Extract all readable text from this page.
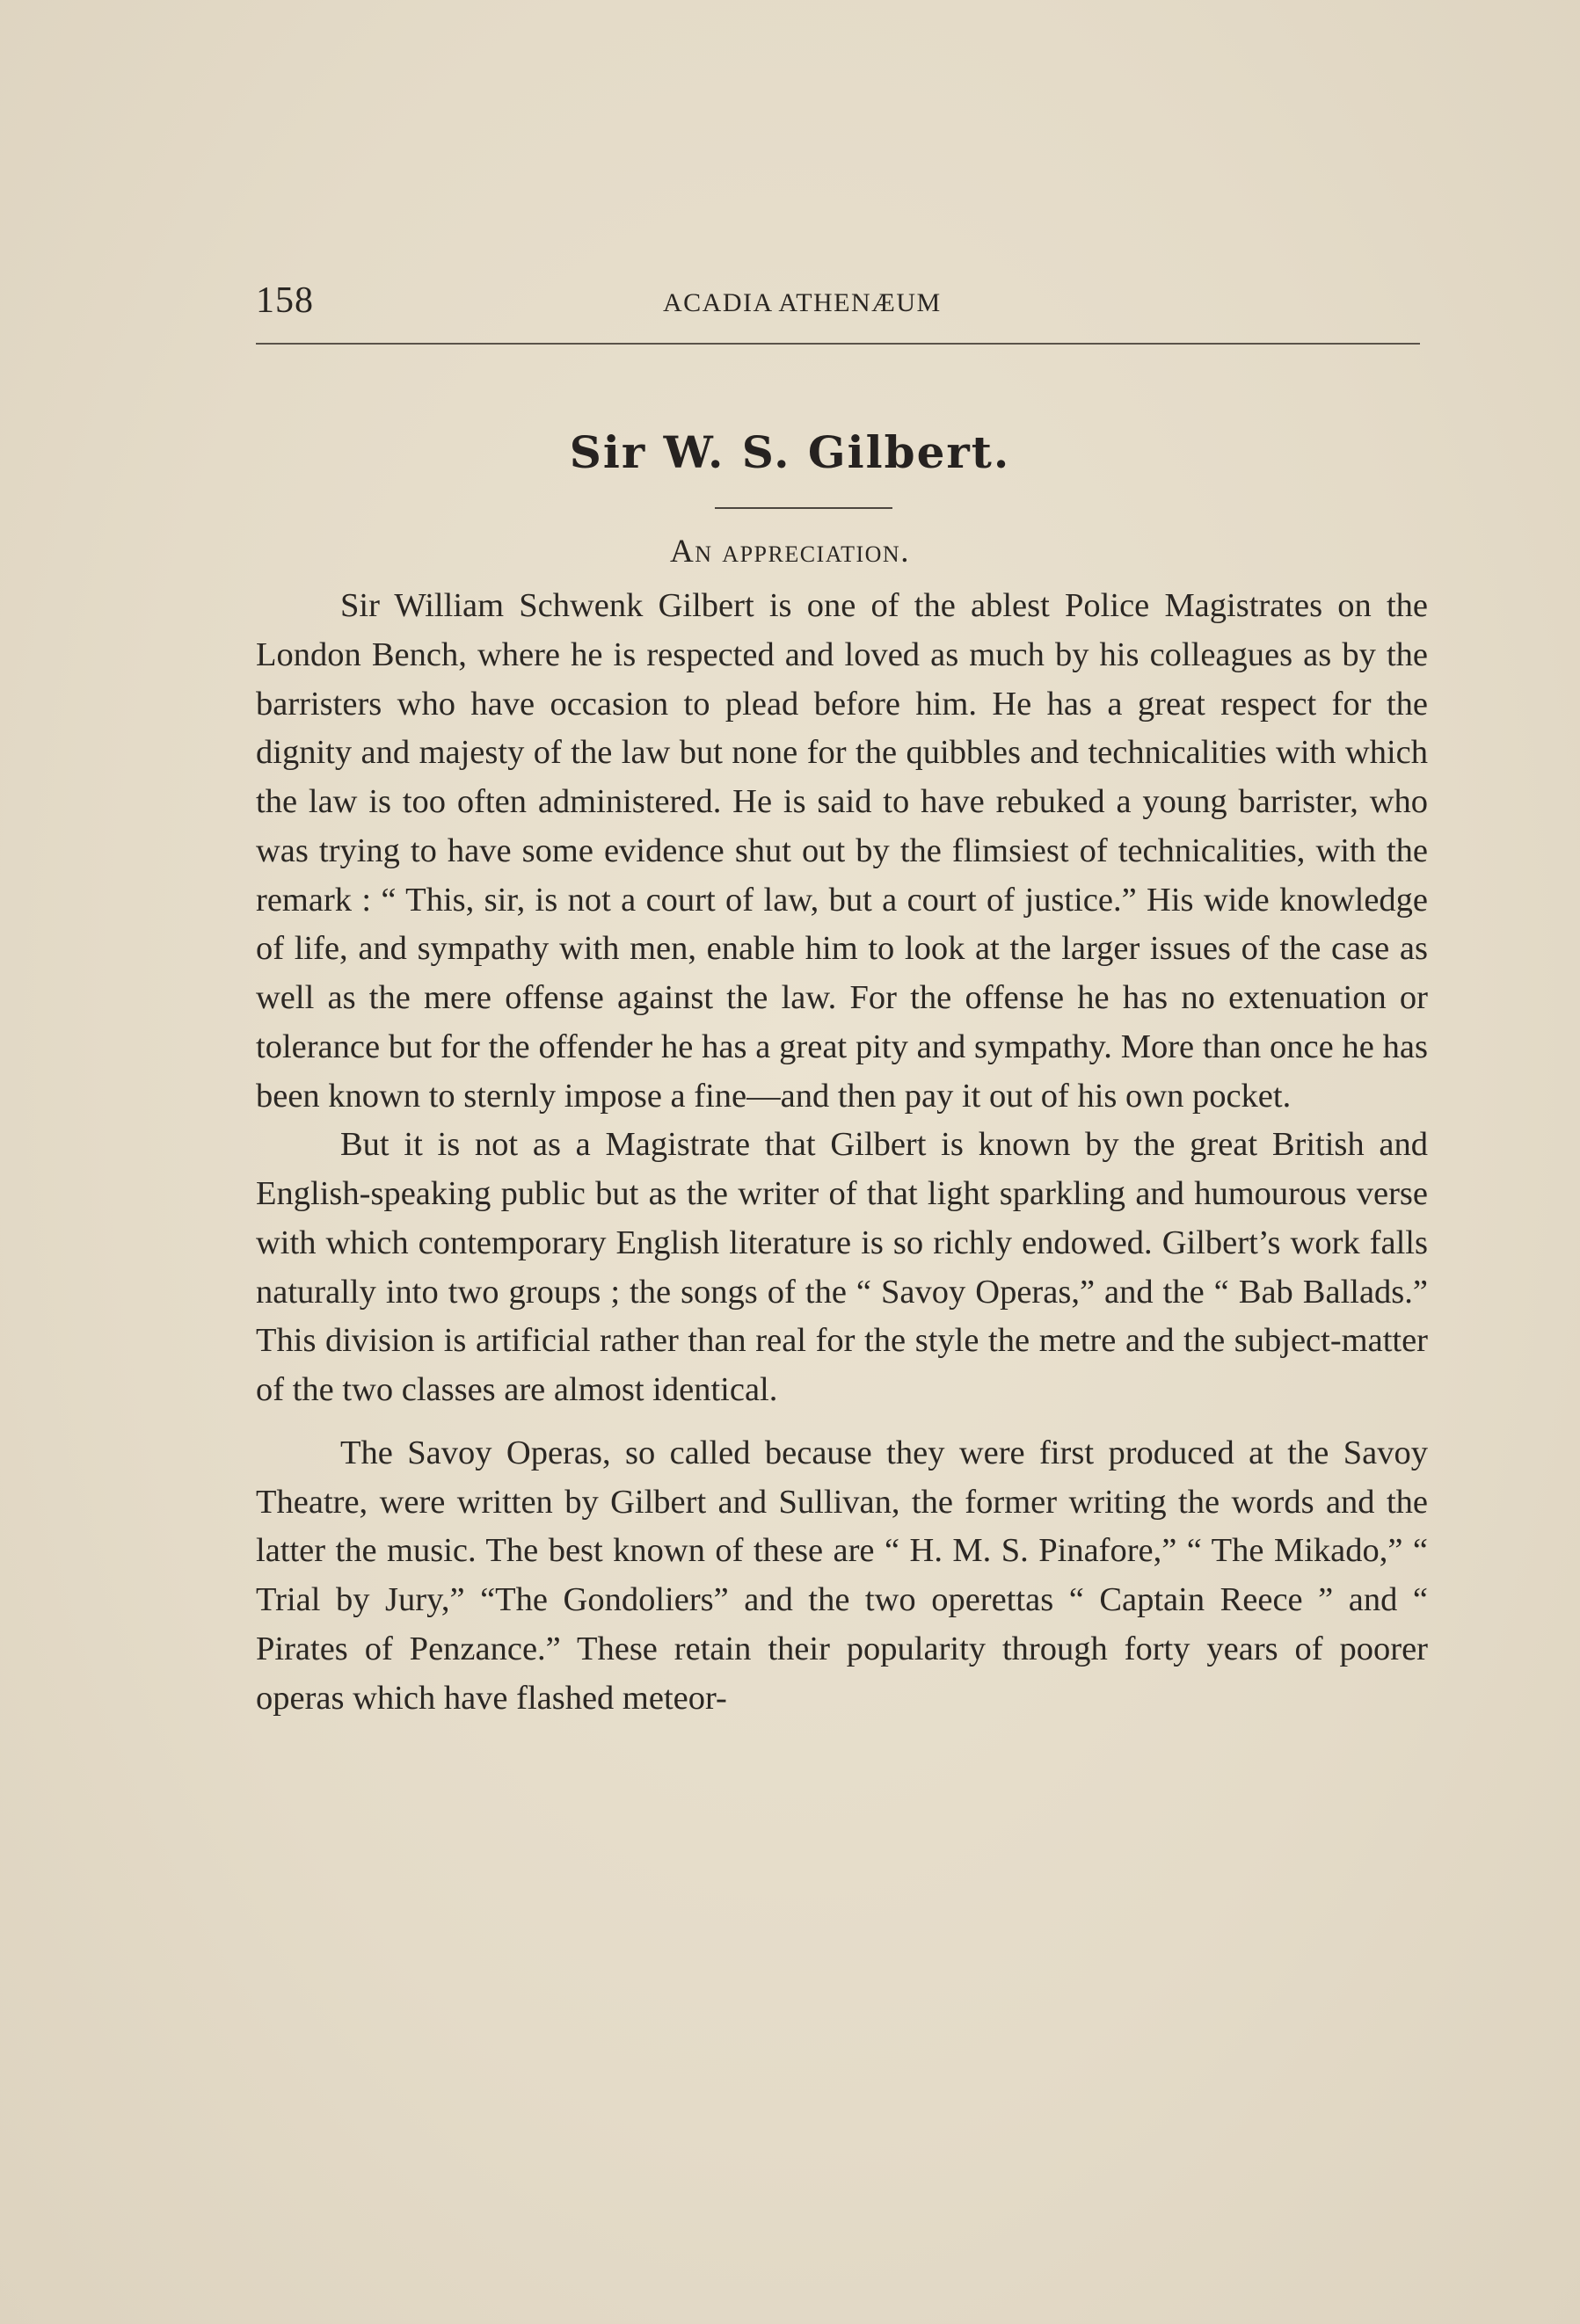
158	ACADIA ATHENÆUM
Sir W. S. Gilbert.
An appreciation.

Sir William Schwenk Gilbert is one of the ablest Police Magistrates on the London Bench, where he is respected and loved as much by his colleagues as by the barristers who have occasion to plead before him. He has a great respect for the dignity and majesty of the law but none for the quibbles and technicalities with which the law is too often administered. He is said to have rebuked a young barrister, who was trying to have some evidence shut out by the flimsiest of technicalities, with the remark : “ This, sir, is not a court of law, but a court of justice.” His wide knowledge of life, and sympathy with men, enable him to look at the larger issues of the case as well as the mere offense against the law. For the offense he has no extenuation or tolerance but for the offender he has a great pity and sympathy. More than once he has been known to sternly impose a fine—and then pay it out of his own pocket.

But it is not as a Magistrate that Gilbert is known by the great British and English-speaking public but as the writer of that light sparkling and humourous verse with which contemporary English literature is so richly endowed. Gilbert’s work falls naturally into two groups ; the songs of the “ Savoy Operas,” and the “ Bab Ballads.” This division is artificial rather than real for the style the metre and the subject-matter of the two classes are almost identical.

The Savoy Operas, so called because they were first produced at the Savoy Theatre, were written by Gilbert and Sullivan, the former writing the words and the latter the music. The best known of these are “ H. M. S. Pinafore,” “ The Mikado,” “ Trial by Jury,” “The Gondoliers” and the two operettas “ Captain Reece ” and “ Pirates of Penzance.” These retain their popularity through forty years of poorer operas which have flashed meteor-
